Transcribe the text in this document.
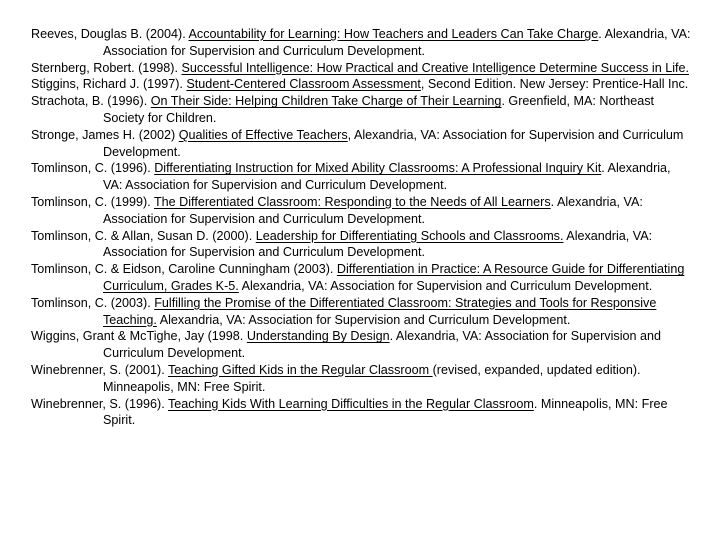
Reeves, Douglas B. (2004). Accountability for Learning: How Teachers and Leaders Can Take Charge. Alexandria, VA: Association for Supervision and Curriculum Development.

Sternberg, Robert. (1998). Successful Intelligence: How Practical and Creative Intelligence Determine Success in Life.

Stiggins, Richard J. (1997). Student-Centered Classroom Assessment, Second Edition. New Jersey: Prentice-Hall Inc.

Strachota, B. (1996). On Their Side: Helping Children Take Charge of Their Learning. Greenfield, MA: Northeast Society for Children.

Stronge, James H. (2002) Qualities of Effective Teachers, Alexandria, VA: Association for Supervision and Curriculum Development.

Tomlinson, C. (1996). Differentiating Instruction for Mixed Ability Classrooms: A Professional Inquiry Kit. Alexandria, VA: Association for Supervision and Curriculum Development.

Tomlinson, C. (1999). The Differentiated Classroom: Responding to the Needs of All Learners. Alexandria, VA: Association for Supervision and Curriculum Development.

Tomlinson, C. & Allan, Susan D. (2000). Leadership for Differentiating Schools and Classrooms. Alexandria, VA: Association for Supervision and Curriculum Development.

Tomlinson, C. & Eidson, Caroline Cunningham (2003). Differentiation in Practice: A Resource Guide for Differentiating Curriculum, Grades K-5. Alexandria, VA: Association for Supervision and Curriculum Development.

Tomlinson, C. (2003). Fulfilling the Promise of the Differentiated Classroom: Strategies and Tools for Responsive Teaching. Alexandria, VA: Association for Supervision and Curriculum Development.

Wiggins, Grant & McTighe, Jay (1998. Understanding By Design. Alexandria, VA: Association for Supervision and Curriculum Development.

Winebrenner, S. (2001). Teaching Gifted Kids in the Regular Classroom (revised, expanded, updated edition). Minneapolis, MN: Free Spirit.

Winebrenner, S. (1996). Teaching Kids With Learning Difficulties in the Regular Classroom. Minneapolis, MN: Free Spirit.
